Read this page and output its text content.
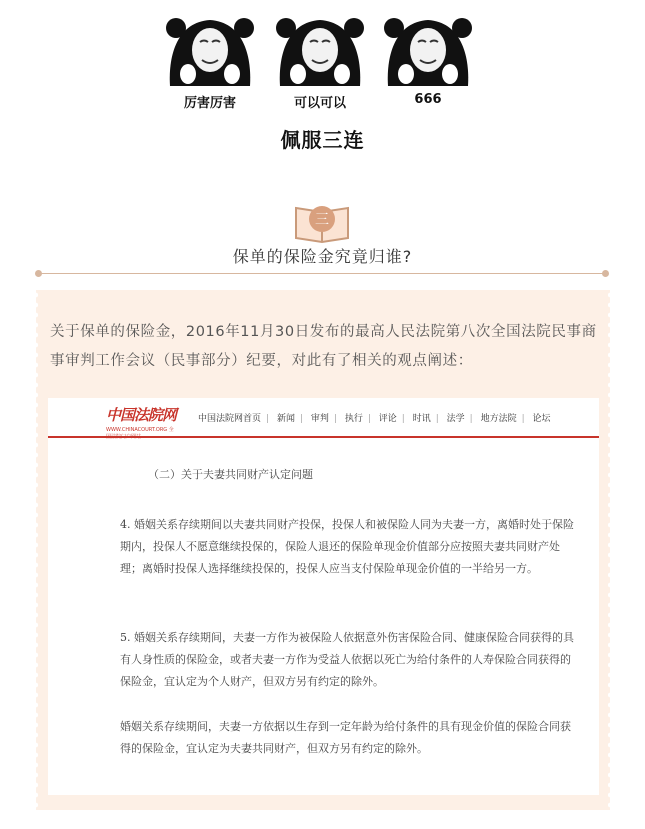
厉害厉害	可以可以	666
佩服三连
三
保单的保险金究竟归谁?
关于保单的保险金，2016年11月30日发布的最高人民法院第八次全国法院民事商事审判工作会议（民事部分）纪要，对此有了相关的观点阐述：
中国法院网
WWW.CHINACOURT.ORG 全国法院门户网站
中国法院网首页 | 新闻 | 审判 | 执行 | 评论 | 时讯 | 法学 | 地方法院 | 论坛

（二）关于夫妻共同财产认定问题

4. 婚姻关系存续期间以夫妻共同财产投保，投保人和被保险人同为夫妻一方，离婚时处于保险期内，投保人不愿意继续投保的，保险人退还的保险单现金价值部分应按照夫妻共同财产处理；离婚时投保人选择继续投保的，投保人应当支付保险单现金价值的一半给另一方。

5. 婚姻关系存续期间，夫妻一方作为被保险人依据意外伤害保险合同、健康保险合同获得的具有人身性质的保险金，或者夫妻一方作为受益人依据以死亡为给付条件的人寿保险合同获得的保险金，宜认定为个人财产，但双方另有约定的除外。

婚姻关系存续期间，夫妻一方依据以生存到一定年龄为给付条件的具有现金价值的保险合同获得的保险金，宜认定为夫妻共同财产，但双方另有约定的除外。
